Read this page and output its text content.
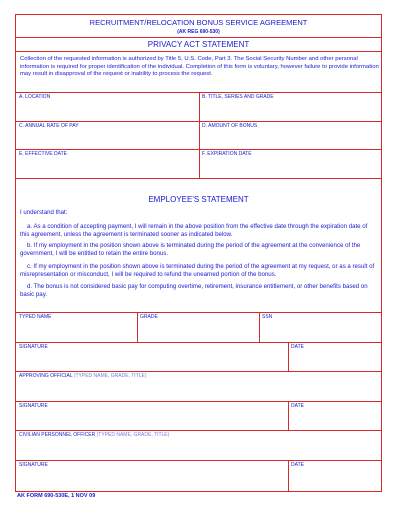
RECRUITMENT/RELOCATION BONUS SERVICE AGREEMENT
(AK REG 690-530)
PRIVACY ACT STATEMENT
Collection of the requested information is authorized by Title 5, U.S. Code, Part 3. The Social Security Number and other personal information is required for proper identification of the individual. Completion of this form is voluntary, however failure to provide information may result in disapproval of the request or inability to process the request.
A. LOCATION	B. TITLE, SERIES AND GRADE
C. ANNUAL RATE OF PAY	D. AMOUNT OF BONUS
E. EFFECTIVE DATE	F. EXPIRATION DATE
EMPLOYEE'S STATEMENT
I understand that:
a. As a condition of accepting payment, I will remain in the above position from the effective date through the expiration date of this agreement, unless the agreement is terminated sooner as indicated below.
b. If my employment in the position shown above is terminated during the period of the agreement at the convenience of the government, I will be entitled to retain the entire bonus.
c. If my employment in the position shown above is terminated during the period of the agreement at my request, or as a result of misrepresentation or misconduct, I will be required to refund the unearned portion of the bonus.
d. The bonus is not considered basic pay for computing overtime, retirement, insurance entitlement, or other benefits based on basic pay.
TYPED NAME	GRADE	SSN
SIGNATURE	DATE
APPROVING OFFICIAL (TYPED NAME, GRADE, TITLE)
SIGNATURE	DATE
CIVILIAN PERSONNEL OFFICER (TYPED NAME, GRADE, TITLE)
SIGNATURE	DATE
AK FORM 690-530E, 1 NOV 09
